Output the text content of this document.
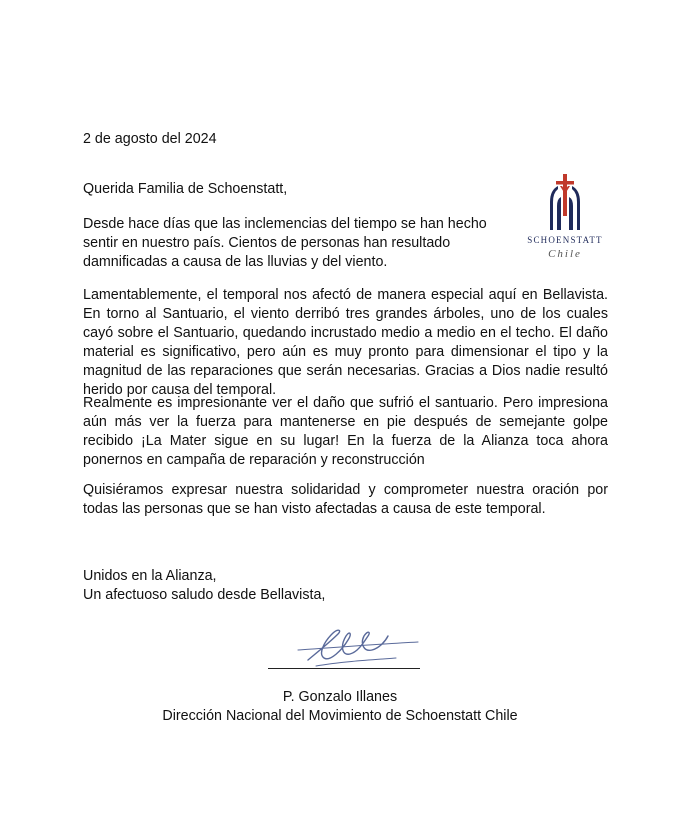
2 de agosto del 2024

Querida Familia de Schoenstatt,

SCHOENSTATT
Chile

Desde hace días que las inclemencias del tiempo se han hecho sentir en nuestro país. Cientos de personas han resultado damnificadas a causa de las lluvias y del viento.

Lamentablemente, el temporal nos afectó de manera especial aquí en Bellavista. En torno al Santuario, el viento derribó tres grandes árboles, uno de los cuales cayó sobre el Santuario, quedando incrustado medio a medio en el techo. El daño material es significativo, pero aún es muy pronto para dimensionar el tipo y la magnitud de las reparaciones que serán necesarias. Gracias a Dios nadie resultó herido por causa del temporal.

Realmente es impresionante ver el daño que sufrió el santuario. Pero impresiona aún más ver la fuerza para mantenerse en pie después de semejante golpe recibido ¡La Mater sigue en su lugar! En la fuerza de la Alianza toca ahora ponernos en campaña de reparación y reconstrucción

Quisiéramos expresar nuestra solidaridad y comprometer nuestra oración por todas las personas que se han visto afectadas a causa de este temporal.

Unidos en la Alianza,
Un afectuoso saludo desde Bellavista,

P. Gonzalo Illanes

Dirección Nacional del Movimiento de Schoenstatt Chile
